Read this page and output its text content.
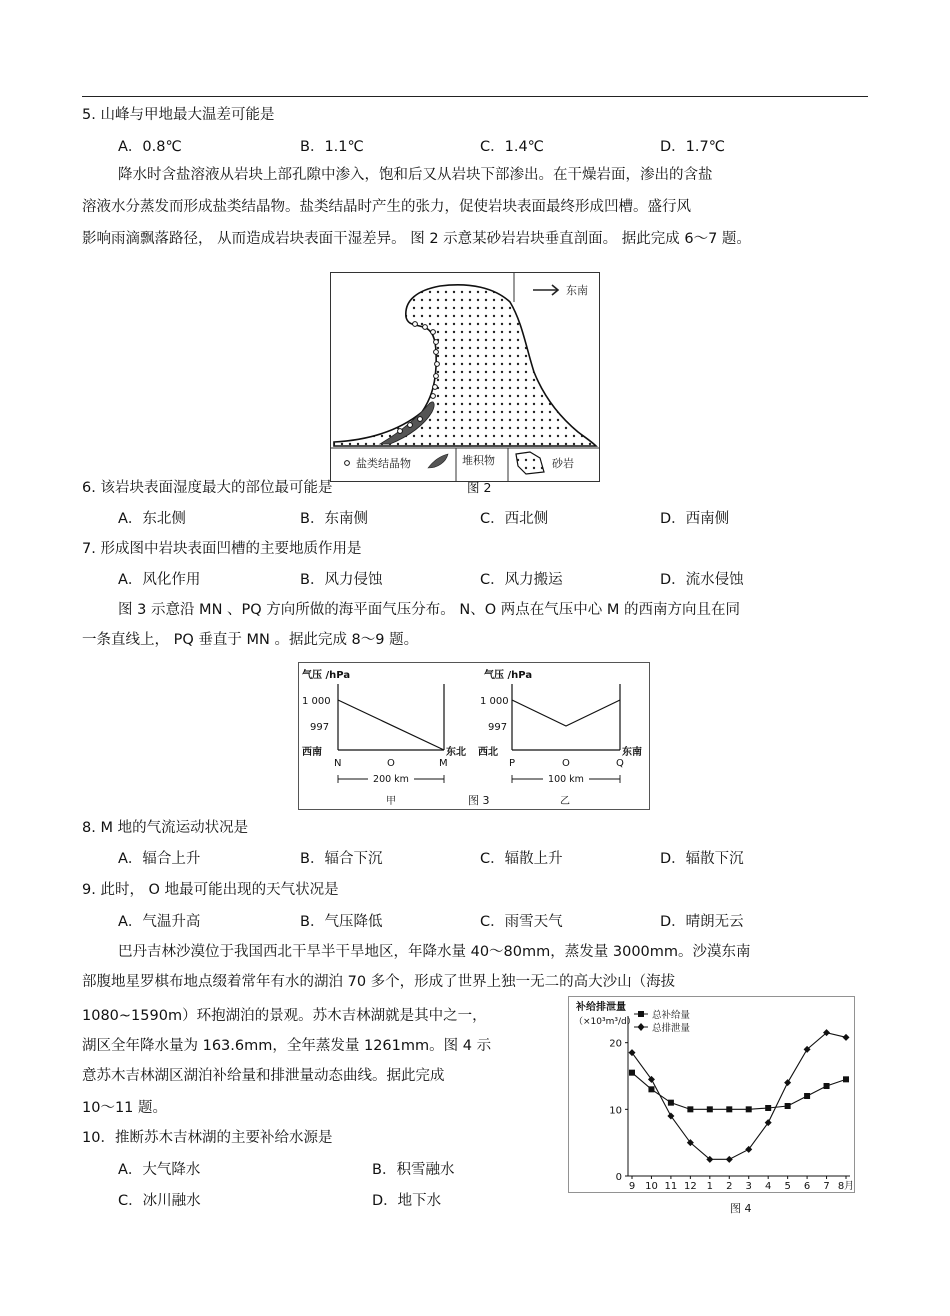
5. 山峰与甲地最大温差可能是
A．0.8℃	B．1.1℃	C．1.4℃	D．1.7℃
降水时含盐溶液从岩块上部孔隙中渗入，饱和后又从岩块下部渗出。在干燥岩面，渗出的含盐
溶液水分蒸发而形成盐类结晶物。盐类结晶时产生的张力，促使岩块表面最终形成凹槽。盛行风
影响雨滴飘落路径， 从而造成岩块表面干湿差异。 图 2 示意某砂岩岩块垂直剖面。 据此完成 6～7 题。
东南
盐类结晶物	堆积物	砂岩
图 2
6. 该岩块表面湿度最大的部位最可能是
A．东北侧	B．东南侧	C．西北侧	D．西南侧
7. 形成图中岩块表面凹槽的主要地质作用是
A．风化作用	B．风力侵蚀	C．风力搬运	D．流水侵蚀
图 3 示意沿 MN 、PQ 方向所做的海平面气压分布。 N、O 两点在气压中心 M 的西南方向且在同
一条直线上， PQ 垂直于 MN 。据此完成 8～9 题。
气压 /hPa
1 000
997
西南	东北
N	O	M
200 km
甲
气压 /hPa
1 000
997
西北	东南
P	O	Q
100 km
乙
图 3
8. M 地的气流运动状况是
A．辐合上升	B．辐合下沉	C．辐散上升	D．辐散下沉
9. 此时， O 地最可能出现的天气状况是
A．气温升高	B．气压降低	C．雨雪天气	D．晴朗无云
巴丹吉林沙漠位于我国西北干旱半干旱地区，年降水量 40～80mm，蒸发量 3000mm。沙漠东南
部腹地星罗棋布地点缀着常年有水的湖泊 70 多个，形成了世界上独一无二的高大沙山（海拔
1080~1590m）环抱湖泊的景观。苏木吉林湖就是其中之一，
湖区全年降水量为 163.6mm，全年蒸发量 1261mm。图 4 示
意苏木吉林湖区湖泊补给量和排泄量动态曲线。据此完成
10～11 题。
10．推断苏木吉林湖的主要补给水源是
A．大气降水	B．积雪融水
C．冰川融水	D．地下水
补给排泄量
（×10³m³/d）
总补给量
总排泄量
0
10
20
9 10 11 12 1 2 3 4 5 6 7 8月
图 4
